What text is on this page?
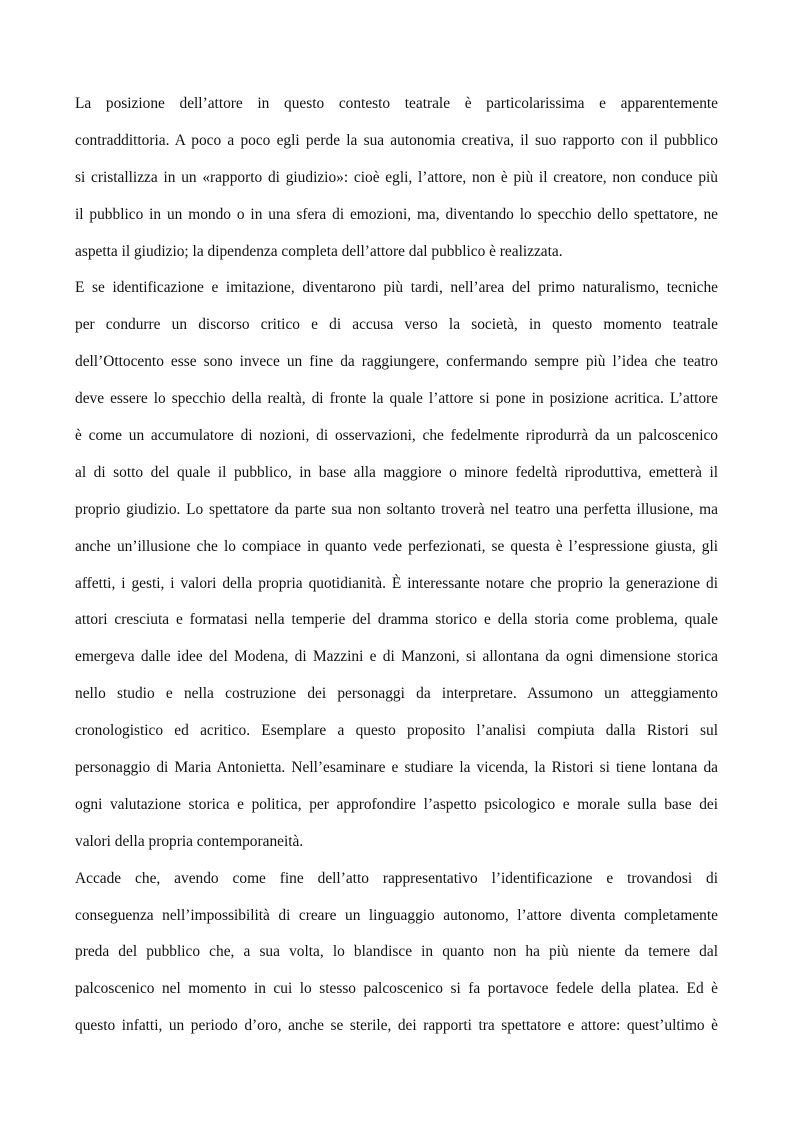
La posizione dell’attore in questo contesto teatrale è particolarissima e apparentemente
contraddittoria. A poco a poco egli perde la sua autonomia creativa, il suo rapporto con il pubblico
si cristallizza in un «rapporto di giudizio»: cioè egli, l’attore, non è più il creatore, non conduce più
il pubblico in un mondo o in una sfera di emozioni, ma, diventando lo specchio dello spettatore, ne
aspetta il giudizio; la dipendenza completa dell’attore dal pubblico è realizzata.

E se identificazione e imitazione, diventarono più tardi, nell’area del primo naturalismo, tecniche
per condurre un discorso critico e di accusa verso la società, in questo momento teatrale
dell’Ottocento esse sono invece un fine da raggiungere, confermando sempre più l’idea che teatro
deve essere lo specchio della realtà, di fronte la quale l’attore si pone in posizione acritica. L’attore
è come un accumulatore di nozioni, di osservazioni, che fedelmente riprodurrà da un palcoscenico
al di sotto del quale il pubblico, in base alla maggiore o minore fedeltà riproduttiva, emetterà il
proprio giudizio. Lo spettatore da parte sua non soltanto troverà nel teatro una perfetta illusione, ma
anche un’illusione che lo compiace in quanto vede perfezionati, se questa è l’espressione giusta, gli
affetti, i gesti, i valori della propria quotidianità. È interessante notare che proprio la generazione di
attori cresciuta e formatasi nella temperie del dramma storico e della storia come problema, quale
emergeva dalle idee del Modena, di Mazzini e di Manzoni, si allontana da ogni dimensione storica
nello studio e nella costruzione dei personaggi da interpretare. Assumono un atteggiamento
cronologistico ed acritico. Esemplare a questo proposito l’analisi compiuta dalla Ristori sul
personaggio di Maria Antonietta. Nell’esaminare e studiare la vicenda, la Ristori si tiene lontana da
ogni valutazione storica e politica, per approfondire l’aspetto psicologico e morale sulla base dei
valori della propria contemporaneità.

Accade che, avendo come fine dell’atto rappresentativo l’identificazione e trovandosi di
conseguenza nell’impossibilità di creare un linguaggio autonomo, l’attore diventa completamente
preda del pubblico che, a sua volta, lo blandisce in quanto non ha più niente da temere dal
palcoscenico nel momento in cui lo stesso palcoscenico si fa portavoce fedele della platea. Ed è
questo infatti, un periodo d’oro, anche se sterile, dei rapporti tra spettatore e attore: quest’ultimo è
